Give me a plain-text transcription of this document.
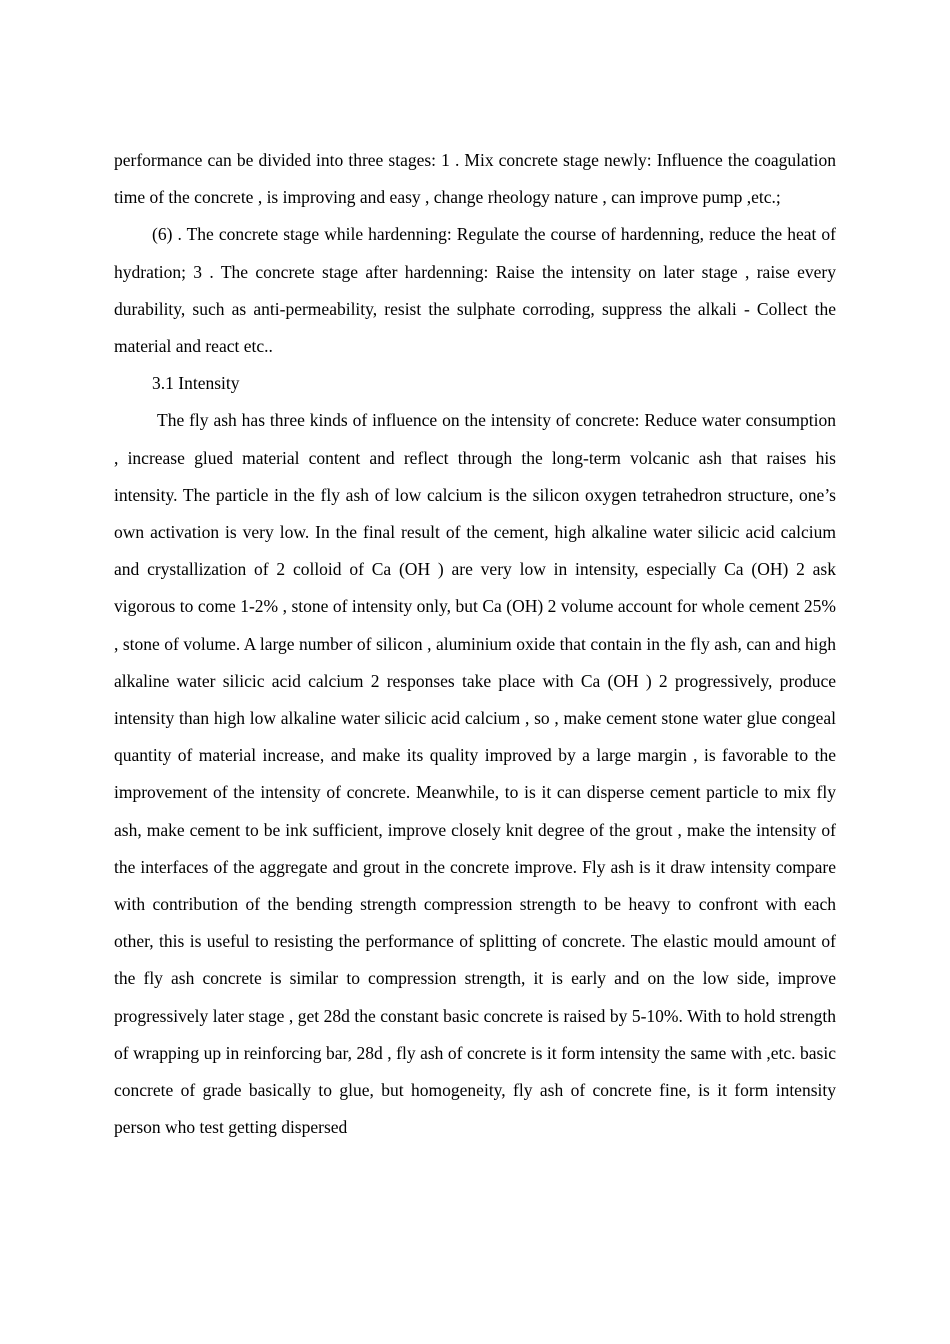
performance can be divided into three stages: 1 . Mix concrete stage newly: Influence the coagulation time of the concrete , is improving and easy , change rheology nature , can improve pump ,etc.;

(6) . The concrete stage while hardenning: Regulate the course of hardenning, reduce the heat of hydration; 3 . The concrete stage after hardenning: Raise the intensity on later stage , raise every durability, such as anti-permeability, resist the sulphate corroding, suppress the alkali - Collect the material and react etc..

3.1 Intensity

The fly ash has three kinds of influence on the intensity of concrete: Reduce water consumption , increase glued material content and reflect through the long-term volcanic ash that raises his intensity. The particle in the fly ash of low calcium is the silicon oxygen tetrahedron structure, one’s own activation is very low. In the final result of the cement, high alkaline water silicic acid calcium and crystallization of 2 colloid of Ca (OH ) are very low in intensity, especially Ca (OH) 2 ask vigorous to come 1-2% , stone of intensity only, but Ca (OH) 2 volume account for whole cement 25% , stone of volume. A large number of silicon , aluminium oxide that contain in the fly ash, can and high alkaline water silicic acid calcium 2 responses take place with Ca (OH ) 2 progressively, produce intensity than high low alkaline water silicic acid calcium , so , make cement stone water glue congeal quantity of material increase, and make its quality improved by a large margin , is favorable to the improvement of the intensity of concrete. Meanwhile, to is it can disperse cement particle to mix fly ash, make cement to be ink sufficient, improve closely knit degree of the grout , make the intensity of the interfaces of the aggregate and grout in the concrete improve. Fly ash is it draw intensity compare with contribution of the bending strength compression strength to be heavy to confront with each other, this is useful to resisting the performance of splitting of concrete. The elastic mould amount of the fly ash concrete is similar to compression strength, it is early and on the low side, improve progressively later stage , get 28d the constant basic concrete is raised by 5-10%. With to hold strength of wrapping up in reinforcing bar, 28d , fly ash of concrete is it form intensity the same with ,etc. basic concrete of grade basically to glue, but homogeneity, fly ash of concrete fine, is it form intensity person who test getting dispersed
